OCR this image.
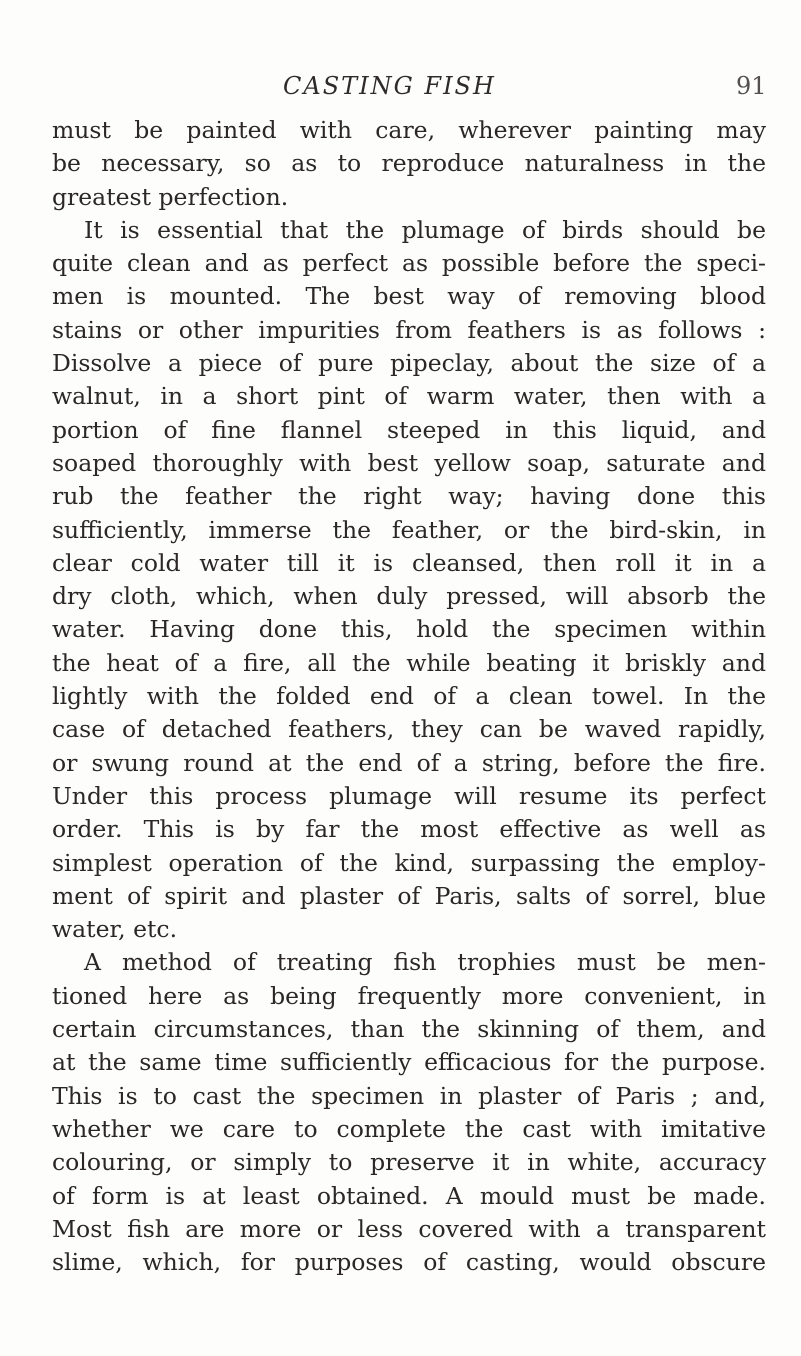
CASTING FISH	91
must be painted with care, wherever painting may
be necessary, so as to reproduce naturalness in the
greatest perfection.
It is essential that the plumage of birds should be
quite clean and as perfect as possible before the speci-
men is mounted. The best way of removing blood
stains or other impurities from feathers is as follows :
Dissolve a piece of pure pipeclay, about the size of a
walnut, in a short pint of warm water, then with a
portion of fine flannel steeped in this liquid, and
soaped thoroughly with best yellow soap, saturate and
rub the feather the right way; having done this
sufficiently, immerse the feather, or the bird-skin, in
clear cold water till it is cleansed, then roll it in a
dry cloth, which, when duly pressed, will absorb the
water. Having done this, hold the specimen within
the heat of a fire, all the while beating it briskly and
lightly with the folded end of a clean towel. In the
case of detached feathers, they can be waved rapidly,
or swung round at the end of a string, before the fire.
Under this process plumage will resume its perfect
order. This is by far the most effective as well as
simplest operation of the kind, surpassing the employ-
ment of spirit and plaster of Paris, salts of sorrel, blue
water, etc.
A method of treating fish trophies must be men-
tioned here as being frequently more convenient, in
certain circumstances, than the skinning of them, and
at the same time sufficiently efficacious for the purpose.
This is to cast the specimen in plaster of Paris ; and,
whether we care to complete the cast with imitative
colouring, or simply to preserve it in white, accuracy
of form is at least obtained. A mould must be made.
Most fish are more or less covered with a transparent
slime, which, for purposes of casting, would obscure
